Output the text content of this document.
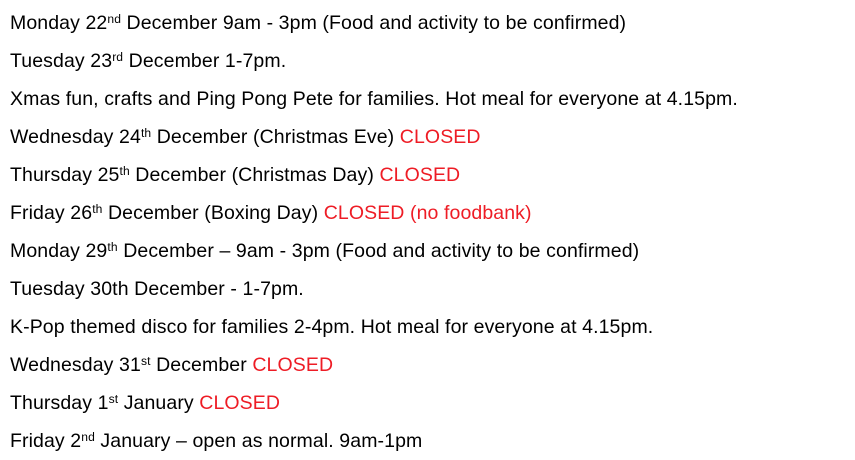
Monday 22nd December 9am - 3pm (Food and activity to be confirmed)
Tuesday 23rd December 1-7pm.
Xmas fun, crafts and Ping Pong Pete for families. Hot meal for everyone at 4.15pm.
Wednesday 24th December (Christmas Eve) CLOSED
Thursday 25th December (Christmas Day) CLOSED
Friday 26th December (Boxing Day) CLOSED (no foodbank)
Monday 29th December – 9am - 3pm (Food and activity to be confirmed)
Tuesday 30th December - 1-7pm.
K-Pop themed disco for families 2-4pm. Hot meal for everyone at 4.15pm.
Wednesday 31st December CLOSED
Thursday 1st January CLOSED
Friday 2nd January – open as normal. 9am-1pm
